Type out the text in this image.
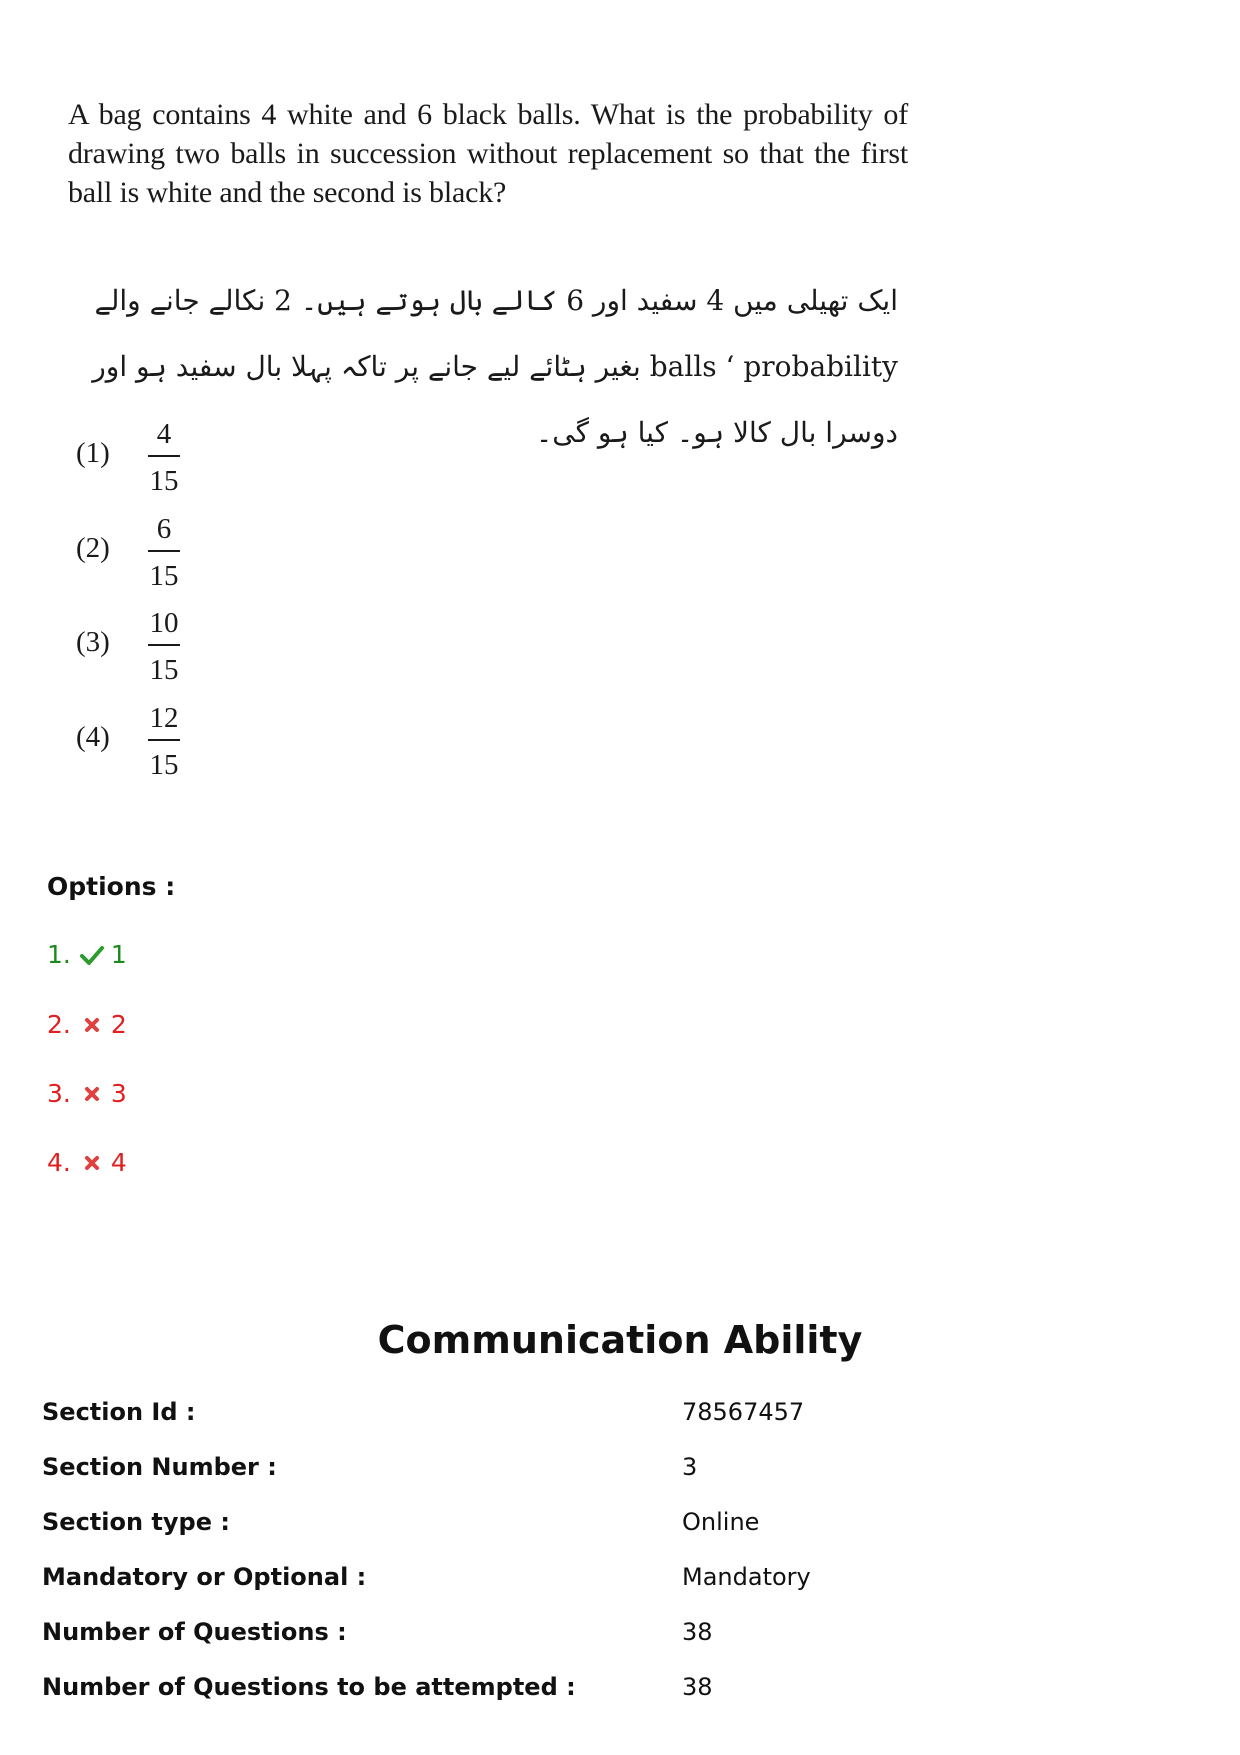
A bag contains 4 white and 6 black balls. What is the probability of drawing two balls in succession without replacement so that the first ball is white and the second is black?
ایک تھیلی میں 4 سفید اور 6 کالے بال ہوتے ہیں۔ 2 نکالے جانے والے balls ‘ probability بغیر ہٹائے لیے جانے پر تاکہ پہلا بال سفید ہو اور دوسرا بال کالا ہو۔ کیا ہو گی۔
(1)
4
15
(2)
6
15
(3)
10
15
(4)
12
15
Options :
1. 1
2. 2
3. 3
4. 4
Communication Ability
Section Id :	78567457
Section Number :	3
Section type :	Online
Mandatory or Optional :	Mandatory
Number of Questions :	38
Number of Questions to be attempted :	38
